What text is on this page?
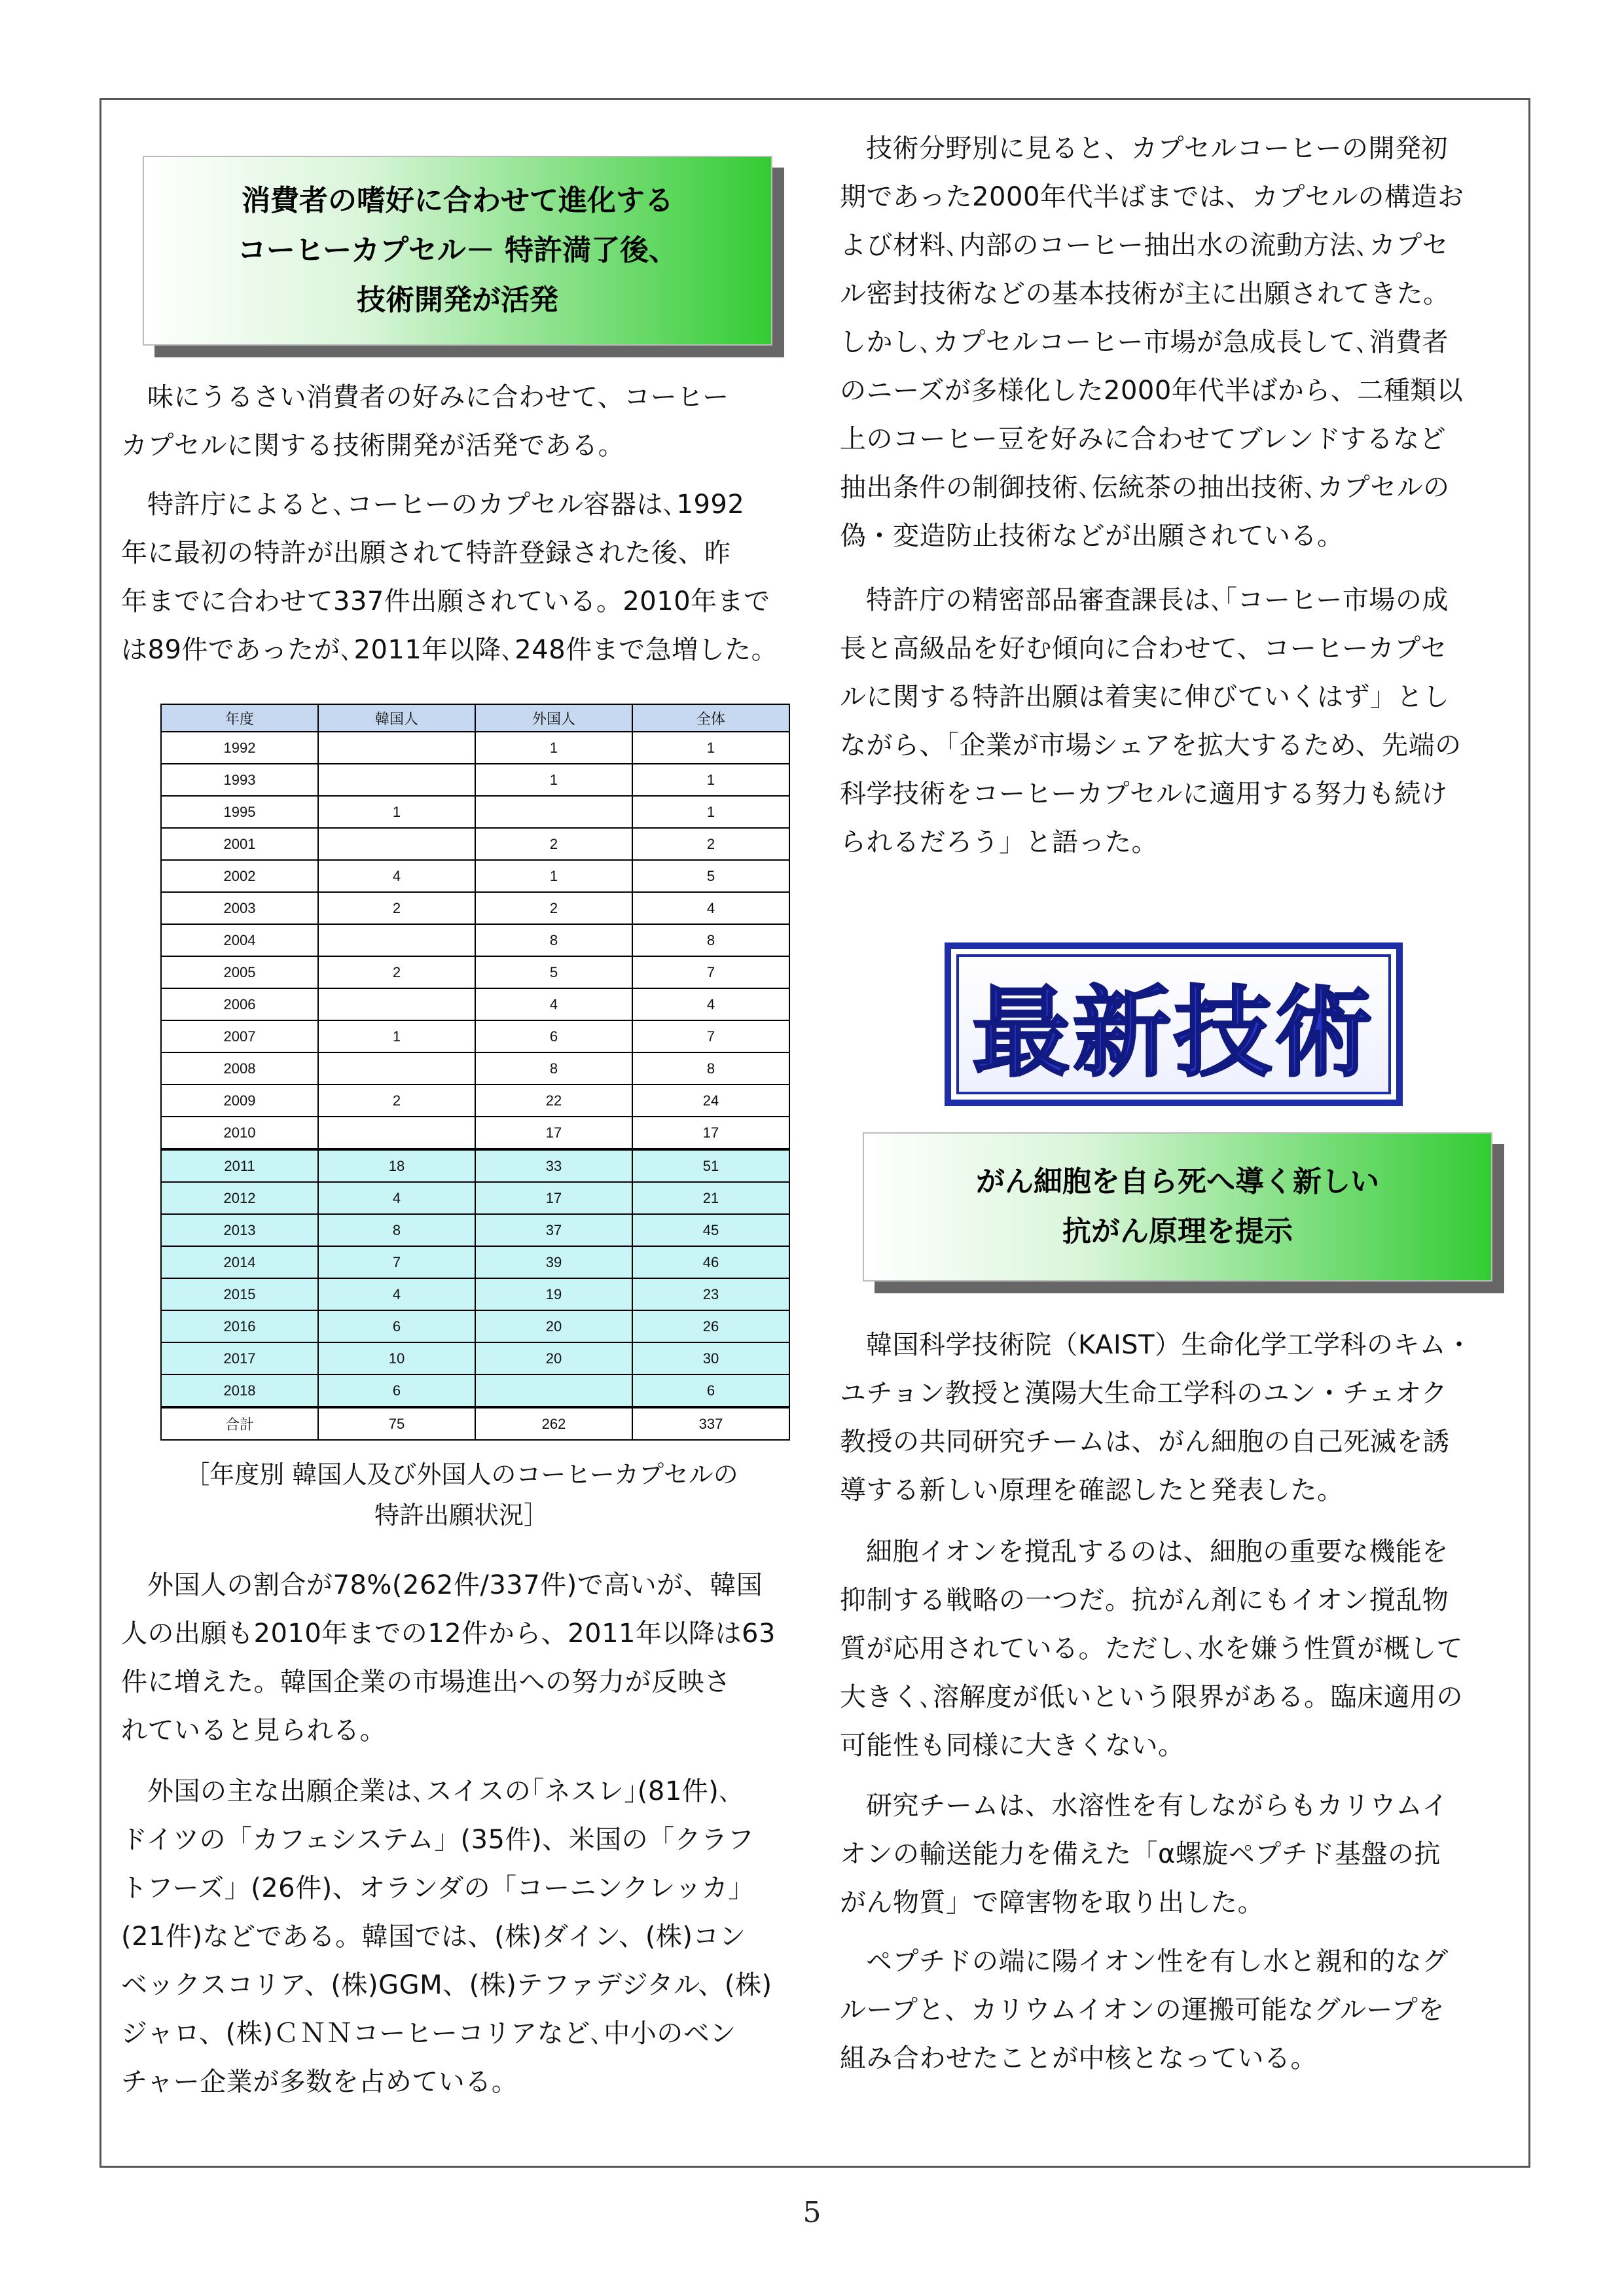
消費者の嗜好に合わせて進化する
コーヒーカプセル－ 特許満了後、
技術開発が活発
味にうるさい消費者の好みに合わせて、コーヒー
カプセルに関する技術開発が活発である。
特許庁によると､コーヒーのカプセル容器は､1992
年に最初の特許が出願されて特許登録された後、昨
年までに合わせて337件出願されている。2010年まで
は89件であったが､2011年以降､248件まで急増した。
年度	韓国人	外国人	全体
1992		1	1
1993		1	1
1995	1		1
2001		2	2
2002	4	1	5
2003	2	2	4
2004		8	8
2005	2	5	7
2006		4	4
2007	1	6	7
2008		8	8
2009	2	22	24
2010		17	17
2011	18	33	51
2012	4	17	21
2013	8	37	45
2014	7	39	46
2015	4	19	23
2016	6	20	26
2017	10	20	30
2018	6		6
合計	75	262	337
［年度別 韓国人及び外国人のコーヒーカプセルの
特許出願状況］
外国人の割合が78%(262件/337件)で高いが、韓国
人の出願も2010年までの12件から、2011年以降は63
件に増えた。韓国企業の市場進出への努力が反映さ
れていると見られる。
外国の主な出願企業は､スイスの｢ネスレ｣(81件)､
ドイツの「カフェシステム」(35件)、米国の「クラフ
トフーズ」(26件)、オランダの「コーニンクレッカ」
(21件)などである。韓国では、(株)ダイン、(株)コン
ベックスコリア、(株)GGM、(株)テファデジタル、(株)
ジャロ、(株)ＣＮＮコーヒーコリアなど､中小のベン
チャー企業が多数を占めている。
技術分野別に見ると、カプセルコーヒーの開発初
期であった2000年代半ばまでは、カプセルの構造お
よび材料､内部のコーヒー抽出水の流動方法､カプセ
ル密封技術などの基本技術が主に出願されてきた。
しかし､カプセルコーヒー市場が急成長して､消費者
のニーズが多様化した2000年代半ばから、二種類以
上のコーヒー豆を好みに合わせてブレンドするなど
抽出条件の制御技術､伝統茶の抽出技術､カプセルの
偽・変造防止技術などが出願されている。
特許庁の精密部品審査課長は､｢コーヒー市場の成
長と高級品を好む傾向に合わせて、コーヒーカプセ
ルに関する特許出願は着実に伸びていくはず」とし
ながら、｢企業が市場シェアを拡大するため、先端の
科学技術をコーヒーカプセルに適用する努力も続け
られるだろう」と語った。
最新技術
がん細胞を自ら死へ導く新しい
抗がん原理を提示
韓国科学技術院（KAIST）生命化学工学科のキム・
ユチョン教授と漢陽大生命工学科のユン・チェオク
教授の共同研究チームは、がん細胞の自己死滅を誘
導する新しい原理を確認したと発表した。
細胞イオンを撹乱するのは、細胞の重要な機能を
抑制する戦略の一つだ。抗がん剤にもイオン撹乱物
質が応用されている。ただし､水を嫌う性質が概して
大きく､溶解度が低いという限界がある。臨床適用の
可能性も同様に大きくない。
研究チームは、水溶性を有しながらもカリウムイ
オンの輸送能力を備えた「α螺旋ペプチド基盤の抗
がん物質」で障害物を取り出した。
ペプチドの端に陽イオン性を有し水と親和的なグ
ループと、カリウムイオンの運搬可能なグループを
組み合わせたことが中核となっている。
5
